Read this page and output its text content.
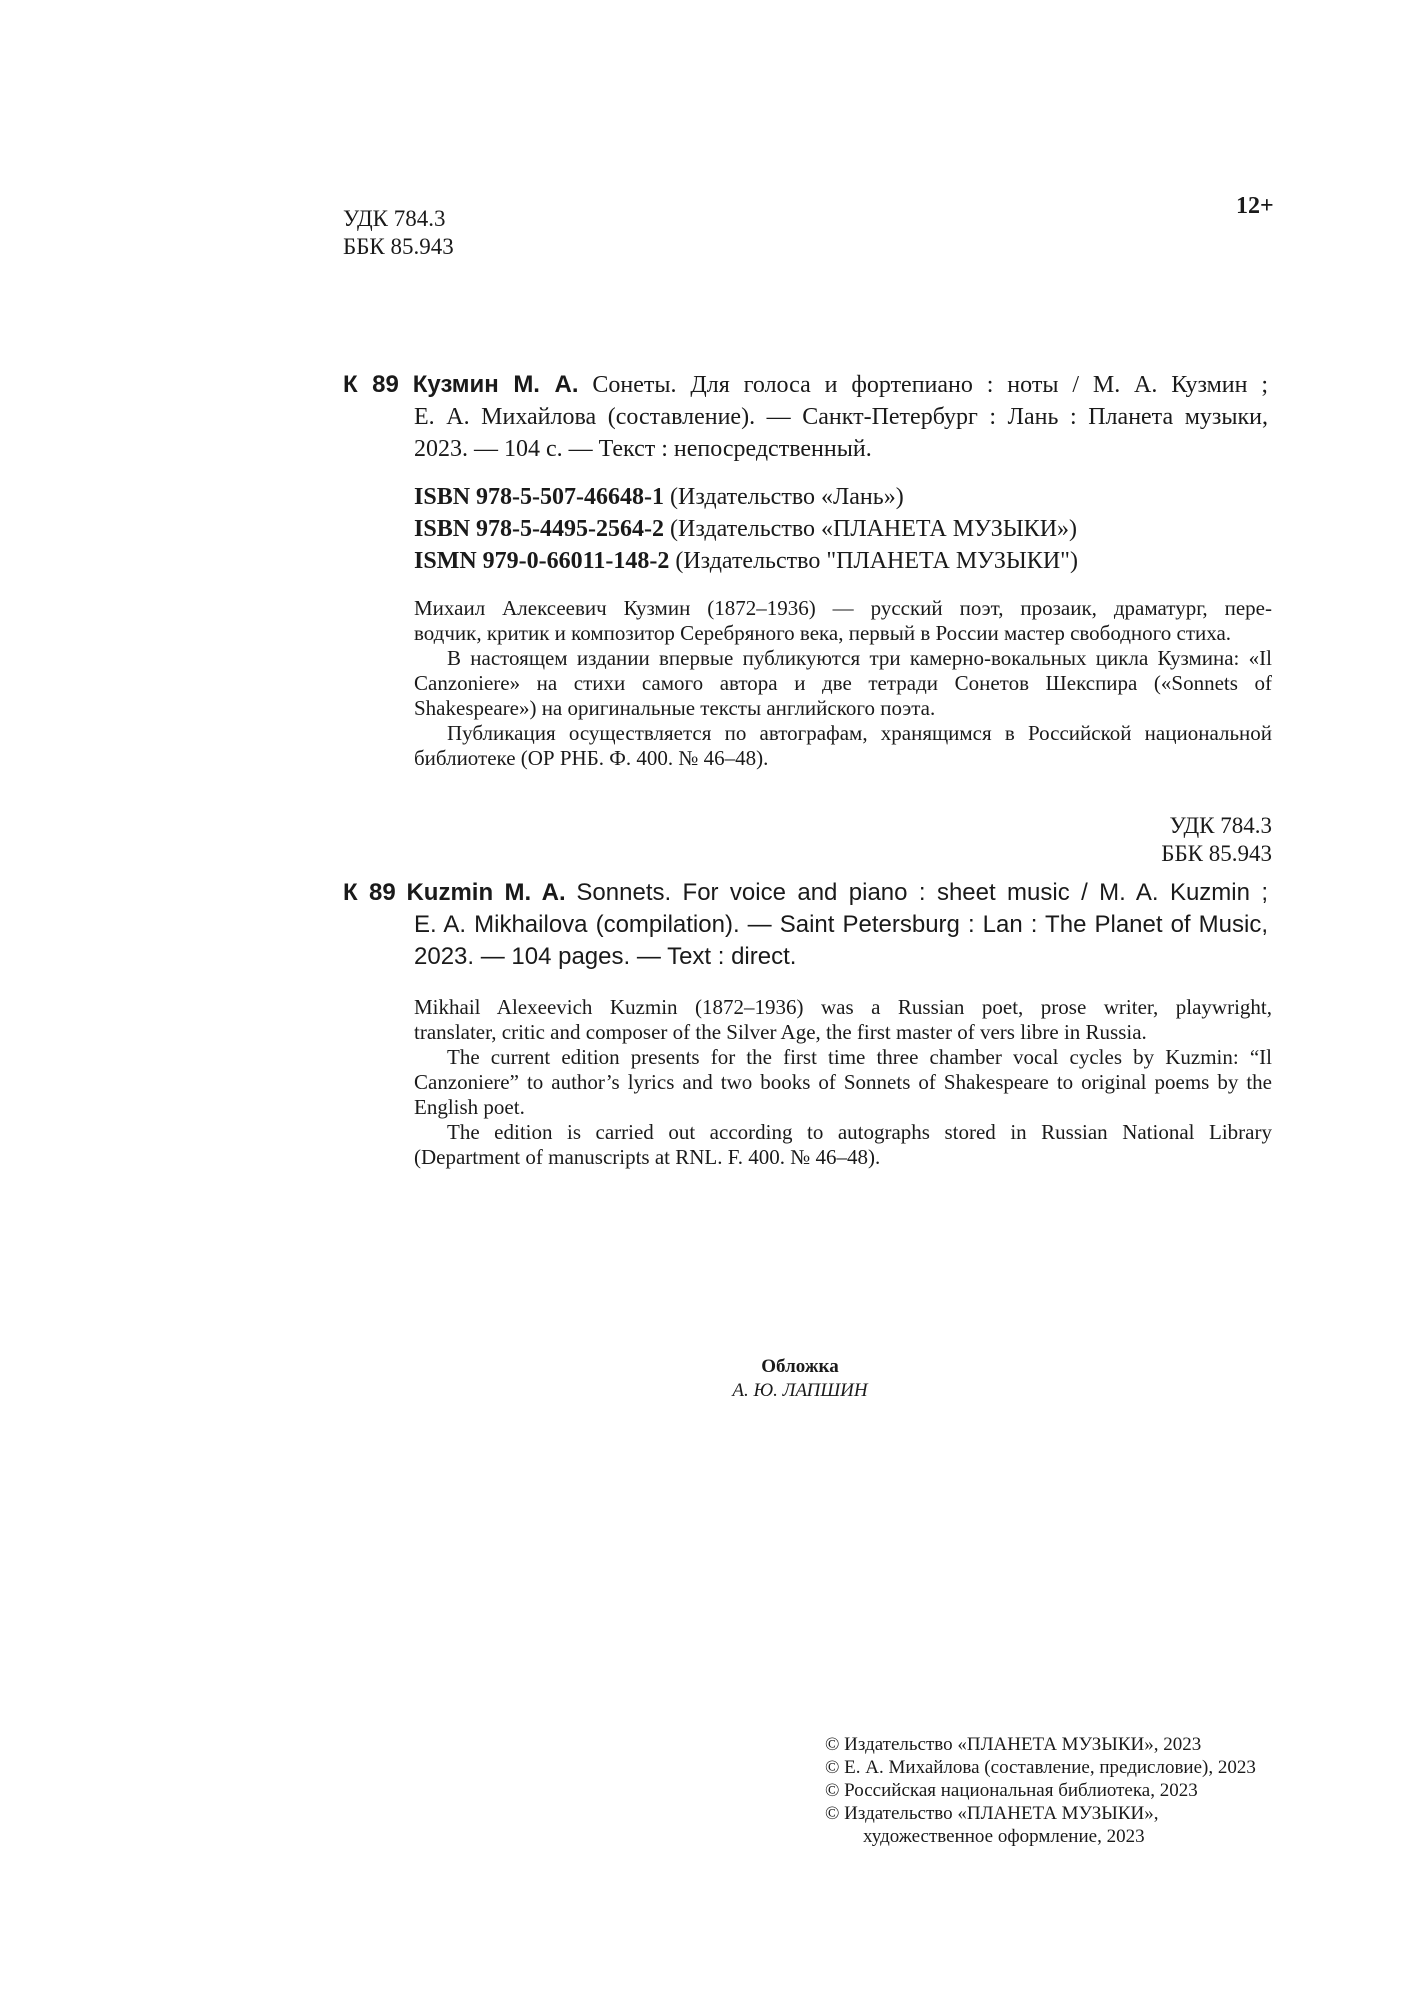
УДК 784.3
ББК 85.943
12+
К 89 Кузмин М. А. Сонеты. Для голоса и фортепиано : ноты / М. А. Кузмин ;
Е. А. Михайлова (составление). — Санкт-Петербург : Лань : Планета музыки,
2023. — 104 с. — Текст : непосредственный.
ISBN 978-5-507-46648-1 (Издательство «Лань»)
ISBN 978-5-4495-2564-2 (Издательство «ПЛАНЕТА МУЗЫКИ»)
ISMN 979-0-66011-148-2 (Издательство "ПЛАНЕТА МУЗЫКИ")

Михаил Алексеевич Кузмин (1872–1936) — русский поэт, прозаик, драматург, пере-

водчик, критик и композитор Серебряного века, первый в России мастер свободного стиха.

В настоящем издании впервые публикуются три камерно-вокальных цикла Кузмина: «Il

Canzoniere» на стихи самого автора и две тетради Сонетов Шекспира («Sonnets of

Shakespeare») на оригинальные тексты английского поэта.

Публикация осуществляется по автографам, хранящимся в Российской национальной

библиотеке (ОР РНБ. Ф. 400. № 46–48).

УДК 784.3
ББК 85.943
К 89 Kuzmin M. A. Sonnets. For voice and piano : sheet music / M. A. Kuzmin ;
E. A. Mikhailova (compilation). — Saint Petersburg : Lan : The Planet of Music,
2023. — 104 pages. — Text : direct.

Mikhail Alexeevich Kuzmin (1872–1936) was a Russian poet, prose writer, playwright,

translater, critic and composer of the Silver Age, the first master of vers libre in Russia.

The current edition presents for the first time three chamber vocal cycles by Kuzmin: “Il

Canzoniere” to author’s lyrics and two books of Sonnets of Shakespeare to original poems by the

English poet.

The edition is carried out according to autographs stored in Russian National Library

(Department of manuscripts at RNL. F. 400. № 46–48).

Обложка
А. Ю. ЛАПШИН
© Издательство «ПЛАНЕТА МУЗЫКИ», 2023
© Е. А. Михайлова (составление, предисловие), 2023
© Российская национальная библиотека, 2023
© Издательство «ПЛАНЕТА МУЗЫКИ»,
художественное оформление, 2023
